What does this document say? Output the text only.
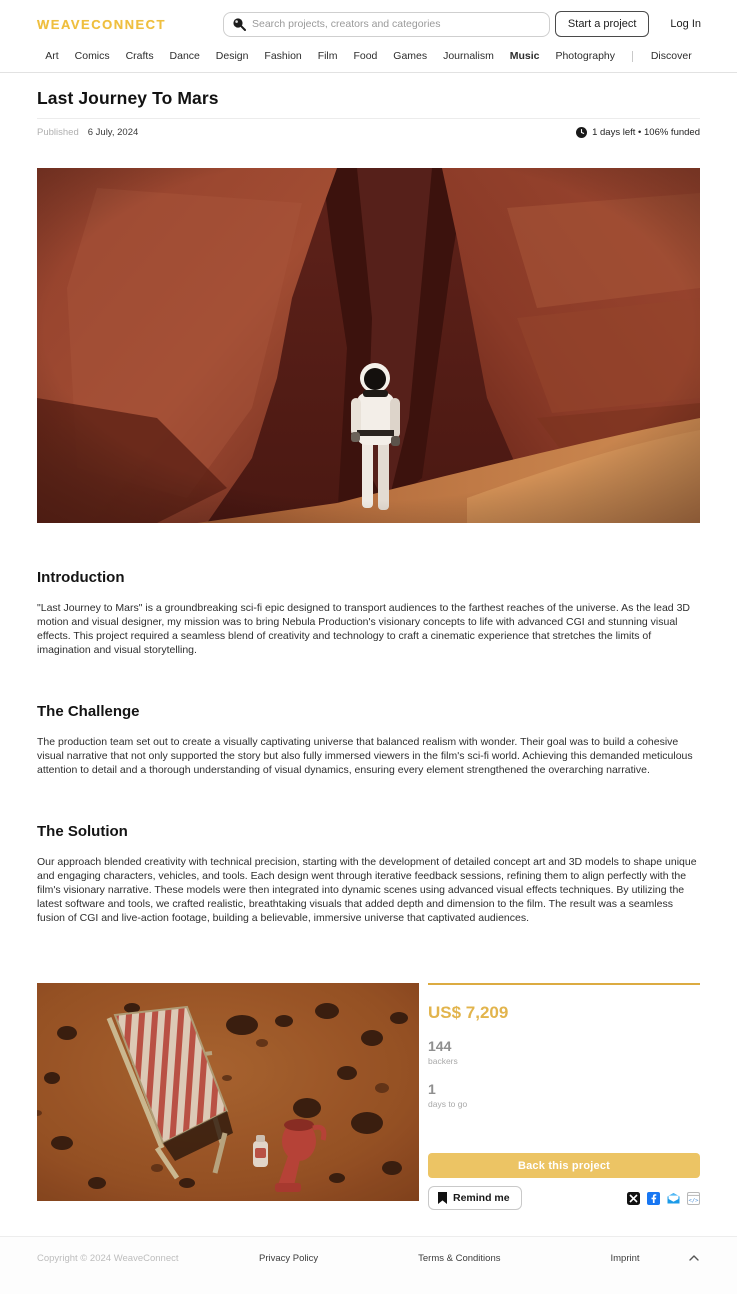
WEAVECONNECT
Search projects, creators and categories	Start a project	Log In
Art Comics Crafts Dance Design Fashion Film Food Games Journalism Music Photography	Discover
Last Journey To Mars
Published 6 July, 2024	1 days left • 106% funded
Introduction

"Last Journey to Mars" is a groundbreaking sci-fi epic designed to transport audiences to the farthest reaches of the universe. As the lead 3D motion and visual designer, my mission was to bring Nebula Production's visionary concepts to life with advanced CGI and stunning visual effects. This project required a seamless blend of creativity and technology to craft a cinematic experience that stretches the limits of imagination and visual storytelling.

The Challenge

The production team set out to create a visually captivating universe that balanced realism with wonder. Their goal was to build a cohesive visual narrative that not only supported the story but also fully immersed viewers in the film's sci-fi world. Achieving this demanded meticulous attention to detail and a thorough understanding of visual dynamics, ensuring every element strengthened the overarching narrative.

The Solution

Our approach blended creativity with technical precision, starting with the development of detailed concept art and 3D models to shape unique and engaging characters, vehicles, and tools. Each design went through iterative feedback sessions, refining them to align perfectly with the film's visionary narrative. These models were then integrated into dynamic scenes using advanced visual effects techniques. By utilizing the latest software and tools, we crafted realistic, breathtaking visuals that added depth and dimension to the film. The result was a seamless fusion of CGI and live-action footage, building a believable, immersive universe that captivated audiences.

US$ 7,209
144
backers
1
days to go
Back this project
Remind me	</>
Copyright © 2024 WeaveConnect	Privacy Policy	Terms & Conditions	Imprint
